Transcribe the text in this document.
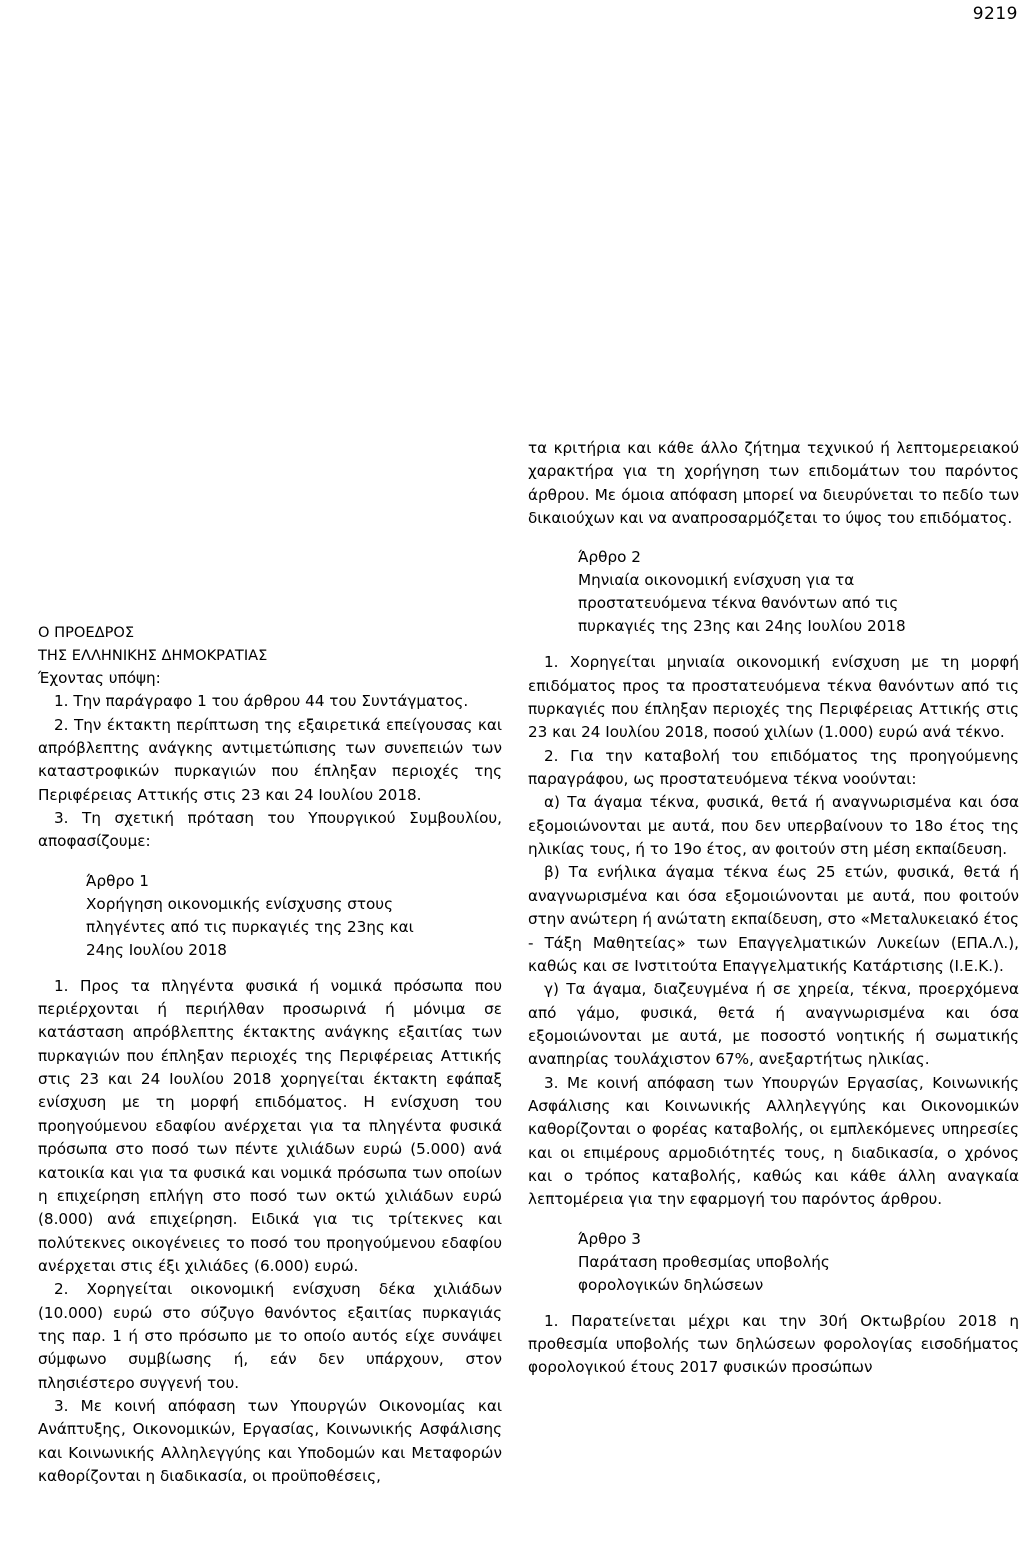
9219
Ο ΠΡΟΕΔΡΟΣ
ΤΗΣ ΕΛΛΗΝΙΚΗΣ ΔΗΜΟΚΡΑΤΙΑΣ

Έχοντας υπόψη:

1. Την παράγραφο 1 του άρθρου 44 του Συντάγματος.

2. Την έκτακτη περίπτωση της εξαιρετικά επείγουσας και απρόβλεπτης ανάγκης αντιμετώπισης των συνεπειών των καταστροφικών πυρκαγιών που έπληξαν περιοχές της Περιφέρειας Αττικής στις 23 και 24 Ιουλίου 2018.

3. Τη σχετική πρόταση του Υπουργικού Συμβουλίου, αποφασίζουμε:

Άρθρο 1
Χορήγηση οικονομικής ενίσχυσης στους
πληγέντες από τις πυρκαγιές της 23ης και
24ης Ιουλίου 2018

1. Προς τα πληγέντα φυσικά ή νομικά πρόσωπα που περιέρχονται ή περιήλθαν προσωρινά ή μόνιμα σε κατάσταση απρόβλεπτης έκτακτης ανάγκης εξαιτίας των πυρκαγιών που έπληξαν περιοχές της Περιφέρειας Αττικής στις 23 και 24 Ιουλίου 2018 χορηγείται έκτακτη εφάπαξ ενίσχυση με τη μορφή επιδόματος. Η ενίσχυση του προηγούμενου εδαφίου ανέρχεται για τα πληγέντα φυσικά πρόσωπα στο ποσό των πέντε χιλιάδων ευρώ (5.000) ανά κατοικία και για τα φυσικά και νομικά πρόσωπα των οποίων η επιχείρηση επλήγη στο ποσό των οκτώ χιλιάδων ευρώ (8.000) ανά επιχείρηση. Ειδικά για τις τρίτεκνες και πολύτεκνες οικογένειες το ποσό του προηγούμενου εδαφίου ανέρχεται στις έξι χιλιάδες (6.000) ευρώ.

2. Χορηγείται οικονομική ενίσχυση δέκα χιλιάδων (10.000) ευρώ στο σύζυγο θανόντος εξαιτίας πυρκαγιάς της παρ. 1 ή στο πρόσωπο με το οποίο αυτός είχε συνάψει σύμφωνο συμβίωσης ή, εάν δεν υπάρχουν, στον πλησιέστερο συγγενή του.

3. Με κοινή απόφαση των Υπουργών Οικονομίας και Ανάπτυξης, Οικονομικών, Εργασίας, Κοινωνικής Ασφάλισης και Κοινωνικής Αλληλεγγύης και Υποδομών και Μεταφορών καθορίζονται η διαδικασία, οι προϋποθέσεις,

τα κριτήρια και κάθε άλλο ζήτημα τεχνικού ή λεπτομερειακού χαρακτήρα για τη χορήγηση των επιδομάτων του παρόντος άρθρου. Με όμοια απόφαση μπορεί να διευρύνεται το πεδίο των δικαιούχων και να αναπροσαρμόζεται το ύψος του επιδόματος.

Άρθρο 2
Μηνιαία οικονομική ενίσχυση για τα
προστατευόμενα τέκνα θανόντων από τις
πυρκαγιές της 23ης και 24ης Ιουλίου 2018

1. Χορηγείται μηνιαία οικονομική ενίσχυση με τη μορφή επιδόματος προς τα προστατευόμενα τέκνα θανόντων από τις πυρκαγιές που έπληξαν περιοχές της Περιφέρειας Αττικής στις 23 και 24 Ιουλίου 2018, ποσού χιλίων (1.000) ευρώ ανά τέκνο.

2. Για την καταβολή του επιδόματος της προηγούμενης παραγράφου, ως προστατευόμενα τέκνα νοούνται:

α) Τα άγαμα τέκνα, φυσικά, θετά ή αναγνωρισμένα και όσα εξομοιώνονται με αυτά, που δεν υπερβαίνουν το 18ο έτος της ηλικίας τους, ή το 19ο έτος, αν φοιτούν στη μέση εκπαίδευση.

β) Τα ενήλικα άγαμα τέκνα έως 25 ετών, φυσικά, θετά ή αναγνωρισμένα και όσα εξομοιώνονται με αυτά, που φοιτούν στην ανώτερη ή ανώτατη εκπαίδευση, στο «Μεταλυκειακό έτος - Τάξη Μαθητείας» των Επαγγελματικών Λυκείων (ΕΠΑ.Λ.), καθώς και σε Ινστιτούτα Επαγγελματικής Κατάρτισης (Ι.Ε.Κ.).

γ) Τα άγαμα, διαζευγμένα ή σε χηρεία, τέκνα, προερχόμενα από γάμο, φυσικά, θετά ή αναγνωρισμένα και όσα εξομοιώνονται με αυτά, με ποσοστό νοητικής ή σωματικής αναπηρίας τουλάχιστον 67%, ανεξαρτήτως ηλικίας.

3. Με κοινή απόφαση των Υπουργών Εργασίας, Κοινωνικής Ασφάλισης και Κοινωνικής Αλληλεγγύης και Οικονομικών καθορίζονται ο φορέας καταβολής, οι εμπλεκόμενες υπηρεσίες και οι επιμέρους αρμοδιότητές τους, η διαδικασία, ο χρόνος και ο τρόπος καταβολής, καθώς και κάθε άλλη αναγκαία λεπτομέρεια για την εφαρμογή του παρόντος άρθρου.

Άρθρο 3
Παράταση προθεσμίας υποβολής
φορολογικών δηλώσεων

1. Παρατείνεται μέχρι και την 30ή Οκτωβρίου 2018 η προθεσμία υποβολής των δηλώσεων φορολογίας εισοδήματος φορολογικού έτους 2017 φυσικών προσώπων
